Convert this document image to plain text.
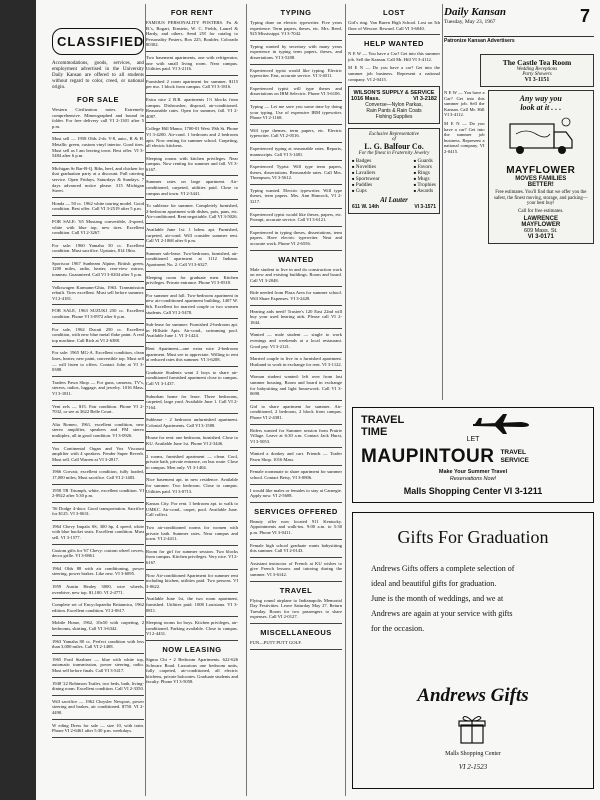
CLASSIFIED
Accommodations, goods, services, and employment advertised in the University Daily Kansan are offered to all students without regard to color, creed, or national origin.
FOR SALE
Western Civilization notes. Extremely comprehensive. Mimeographed and bound in folder. For free delivery call VI 2-1301 after 5 p.m.
Must sell — 1958 Olds 2-dr. V-8, auto., R & H. Metallic green, custom vinyl interior. Good tires. Must sell as I am leaving town. Best offer. VI 3-5484 after 6 p.m.
Michigan Sr Bar-B-Q. Ribs, beef, and chicken for that graduation party at a discount. Full catering service. Open Fridays, Saturdays & Sundays. 7 days advanced notice please. 315 Michigan Street.
Honda — 50 cc. 1962 white touring model. Good condition. Best offer. Call VI 3-2519 after 5 p.m.
FOR SALE: '65 Mustang convertible, 4-speed, white with blue top, new tires. Excellent condition. Call VI 2-3267.
For sale: 1960 Yamaha 50 cc. Excellent condition. Must sacrifice. Upstairs, 814 Ohio.
Sportscar 1967 Sunbeam Alpine, British green, 1200 miles, radio, heater, rear-view mirror, tonneau. Guaranteed. Call VI 3-0204 after 5 p.m.
Volkswagen Karmann-Ghia, 1963. Transmission rebuilt. Tires excellent. Must sell before summer. VI 2-4181.
FOR SALE, 1963 SUZUKI 250 cc. Excellent condition. Phone VI 3-0972 after 6 p.m.
For sale, 1962 Ducati 250 cc. Excellent condition, with new blue metal flake paint. A real top machine. Call Rich at VI 2-6388.
For sale: 1965 MG-A. Excellent condition, clean lines, heater, new paint, convertible top. Must sell — will listen to offers. Contact John at VI 3-0388.
Traders Pawn Shop — For guns, cameras, TV's, stereos, radios, luggage, and jewelry. 1016 Mass. VI 3-1811.
Vent zels — $15. Fair condition. Phone VI 2-7032, or see at 3622 Belle Court.
Alta Romeo, 1961, excellent condition, new stereo amplifier, speakers and FM stereo multiplex, all in good condition. VI 3-0926.
Vox Continental Organ and Vox Viscount amplifier with 4 speakers. Fender Super Reverb. Must sell. Call Warren at VI 3-2817.
1966 Corvair, excellent condition, fully loaded, 17,000 miles, Must sacrifice. Call VI 2-1483.
1958 TR Triumph, white, excellent condition. VI 2-0922 after 5:30 p.m.
'56 Dodge 4-door. Good transportation. Sacrifice for $125. VI 3-0631.
1964 Chevy Impala SS, 300 hp, 4 speed, white with blue bucket seats. Excellent condition. Must sell. VI 3-1577.
Custom gifts for '67 Chevy: custom wheel covers, decor grille. VI 3-0861.
1964 Olds 88 with air conditioning, power steering, power brakes. Like new. VI 3-6095.
1959 Austin Healey 3000, wire wheels, overdrive, new top. $1,100. VI 2-4771.
Complete set of Encyclopaedia Britannica, 1962 edition. Excellent condition. VI 2-0617.
Mobile Home, 1962, 10x50 with carpeting, 2 bedrooms, skirting. Call VI 3-6342.
1963 Yamaha 80 cc. Perfect condition with less than 3,000 miles. Call VI 2-1408.
1965 Ford Starliner — blue with white top, automatic transmission, power steering, radio. Must sell before finals. Call VI 3-5417.
1948 '22 Robinson Trailer, two beds, bath, living-dining room. Excellent condition. Call VI 2-3350.
Will sacrifice — 1962 Chrysler Newport, power steering and brakes, air conditioned. $750. VI 2-4490.
W eding Dress for sale — size 10, with train. Phone VI 2-6461 after 5:30 p.m. weekdays.
FOR RENT
FAMOUS PERSONALITY POSTERS. Fu & B.'s, Bogart, Einstein, W. C. Fields, Laurel & Hardy, and others. Send 25¢ for catalog to Personality Posters, Box 225, Boulder, Colorado 80302.
Two basement apartments, one with refrigerator, one with small living room. Near campus. Utilities paid. VI 3-2116.
Furnished 2 room apartment for summer, $115 per mo. 1 block from campus. Call VI 3-1816.
Extra nice 2 B.R. apartments 1½ blocks from campus. Dishwasher, disposal, air-conditioned. Reasonable rates. Open for summer, fall. VI 2-4087.
College Hill Manor, 1700-01 West 19th St. Phone VI 3-4200. Air-cond. 1 bedroom and 2 bedroom apts. Now renting for summer school. Carpeting, all electric kitchens.
Sleeping rooms with kitchen privileges. Near campus. Now renting for summer and fall. VI 3-6167.
Summer rates on large apartment. Air-conditioned, carpeted, utilities paid. Close to campus and town. VI 2-3441.
To sublease for summer. Completely furnished, 2-bedroom apartment with dishes, pots, pans, etc. Air-conditioned. Rent negotiable. Call VI 3-5026.
Available June 1st: 1 bdrm. apt. Furnished, carpeted, air-cond. Will consider summer rent. Call VI 2-1068 after 6 p.m.
Summer sub-lease. Two-bedroom, furnished, air-conditioned apartment at 1112 Indiana. Apartment No. 2. Call VI 3-6327.
Sleeping room for graduate men. Kitchen privileges. Private entrance. Phone VI 3-0518.
For summer and fall. Two-bedroom apartment in new air-conditioned apartment building, 1407 W. 6th. Excellent for married couple or two women students. Call VI 2-5478.
Sub-lease for summer: Furnished 2-bedroom apt. in Hillside Apts. Air-cond., swimming pool. Available June 1. VI 3-1424.
Rent Apartment—one extra nice 2-bedroom apartment. Must see to appreciate. Willing to rent at reduced rates this summer. VI 3-6208.
Graduate Students want 2 boys to share air-conditioned furnished apartment close to campus. Call VI 3-1437.
Suburban home for lease. Three bedrooms, carpeted, large yard. Available June 1. Call VI 2-7164.
Sublease - 2 bedroom unfurnished apartment. Colonial Apartments. Call VI 3-1588.
House for rent: one bedroom, furnished. Close to KU. Available June 1st. Phone VI 2-3446.
2 rooms, furnished apartment — clean. Cool, private bath, private entrance, on bus route. Close to campus. Men only. VI 3-1404.
Nice basement apt. in new residence. Available for summer. Two bedroom. Close to campus. Utilities paid. VI 3-0713.
Kansas City. For rent. 1 bedroom apt. to walk to UMKC. Air-cond., carpet, pool. Available June. Call collect.
Two air-conditioned rooms for women with private bath. Summer rates. Near campus and town. VI 2-4411.
Room for girl for summer session. Two blocks from campus. Kitchen privileges. Very nice. VI 2-6167.
Now Air-conditioned Apartment for summer rent including kitchen, utilities paid. Two persons. VI 3-0622.
Available June 1st, the two room apartment, furnished. Utilities paid. 1008 Louisiana. VI 3-0811.
Sleeping rooms for boys. Kitchen privileges, air-conditioned. Parking available. Close to campus. VI 2-4431.
NOW LEASING
Sigma Chi • 2 Bedroom Apartments. 622-626 Schwarz Road. Luxurious one bedroom units, fully carpeted, air-conditioned, all electric kitchens, private balconies. Graduate students and faculty. Phone VI 3-5058.
TYPING
Typing done on electric typewriter. Five years experience. Term papers, theses, etc. Mrs. Reed, 925 Mississippi. VI 3-7042.
Typing wanted by secretary with many years experience in typing term papers, theses, and dissertations. VI 3-5208.
Experienced typist would like typing. Electric typewriter. Fast, accurate service. VI 3-4011.
Experienced typist will type theses and dissertations on IBM Selectric. Phone VI 3-6106.
Typing — Let me save you some time by doing your typing. Use of expensive IBM typewriter. Phone VI 2-1168.
Will type themes, term papers, etc. Electric typewriter. Call VI 2-0516.
Experienced typing at reasonable rates. Reports, manuscripts. Call VI 3-1481.
Experienced Typist: Will type term papers, theses, dissertations. Reasonable rates. Call Mrs. Thompson, VI 3-5612.
Typing wanted. Electric typewriter. Will type theses, term papers. Mrs. Ann Hancock, VI 2-3217.
Experienced typist would like theses, papers, etc. Prompt, accurate service. Call VI 3-6121.
Experienced in typing theses, dissertations, term papers. Have electric typewriter. Neat and accurate work. Phone VI 2-6556.
WANTED
Male student to live in and do construction work on new and existing buildings. Room and board. Call VI 3-2048.
Ride needed from Plaza Area for summer school. Will Share Expenses. VI 3-2428.
Hearing aids need! Trustee's 120 East 22nd will buy your used hearing aids. Please call VI 2-1844.
Wanted — male student — single to work evenings and weekends at a local restaurant. Good pay. VI 3-2121.
Married couple to live in a furnished apartment. Husband to work in exchange for rent. VI 3-1122.
Woman student wanted: left over from last summer housing. Room and board in exchange for babysitting and light housework. Call VI 3-0698.
Girl to share apartment for summer. Air-conditioned, 2 bedroom, 2 block from campus. Phone VI 2-4381.
Riders wanted for Summer session from Prairie Village. Leave at 6:30 a.m. Contact Jack Hurst, VI 3-5053.
Wanted a donkey and cart. Friends — Trader Pawn Shop. 1016 Mass.
Female roommate to share apartment for summer school. Contact Betsy, VI 3-0806.
I would like males or females to stay at Carnegie. Apply now. VI 2-5608.
SERVICES OFFERED
Beauty offer now located 911 Kentucky. Appointments and walk-ins. 9:00 a.m. to 5:30 p.m. Phone VI 3-0411.
Female high school graduate wants babysitting this summer. Call VI 2-0143.
Assistant instructor of French at KU wishes to give French lessons and tutoring during the summer. VI 3-6142.
TRAVEL
Flying round airplane to Indianapolis Memorial Day Festivities. Leave Saturday May 27. Return Tuesday. Room for two passengers to share expenses. Call VI 2-0127.
MISCELLANEOUS
FUN—PUTT PUTT GOLF.
LOST
Girl's ring. Van Buren High School. Lost on 5th floor of Wescoe. Reward. Call VI 3-6040.
HELP WANTED
N E W — You have a Car? Get into this summer job. Sell the Kansan. Call Mr. Hill VI 3-4112.
M E N — Do you have a car? Get into the summer job business. Represent a national company. VI 2-0415.
WILSON'S SUPPLY & SERVICE
1016 Mass.	VI 3-2182
Converse—Nylon Parkas,
Rain Pants & Rain Coats
Fishing Supplies
Exclusive Representative
of
L. G. Balfour Co.
For the finest in Fraternity Jewelry
■ Badges
■ Novelties
■ Lavaliers
■ Sportswear
■ Paddles
■ Cups
■ Guards
■ Favors
■ Rings
■ Mugs
■ Trophies
■ Awards
Al Lauter
611 W. 14th	VI 3-1571
Daily Kansan	7
Tuesday, May 23, 1967
Patronize Kansan Advertisers
The Castle Tea Room
Wedding Receptions
Party Showers
VI 3-1151
N E W — You have a Car? Get into this summer job. Sell the Kansan. Call Mr. Hill VI 3-4112.
M E N — Do you have a car? Get into the summer job business. Represent a national company. VI 2-0415.
Any way you
look at it . . .
MAYFLOWER
MOVES FAMILIES
BETTER!
Free estimates. You'll find that we offer you the safest, the finest moving, storage, and packing—your best buy!
Call for free estimates.
LAWRENCE
MAYFLOWER
609 Mass. St.
VI 3-0171
TRAVEL
TIME
LET
MAUPINTOUR TRAVEL
SERVICE
Make Your Summer Travel
Reservations Now!
Malls Shopping Center VI 3-1211
Gifts For Graduation
Andrews Gifts offers a complete selection of
ideal and beautiful gifts for graduation.
June is the month of weddings, and we at
Andrews are again at your service with gifts
for the occasion.
Andrews Gifts
Malls Shopping Center
VI 2-1523
